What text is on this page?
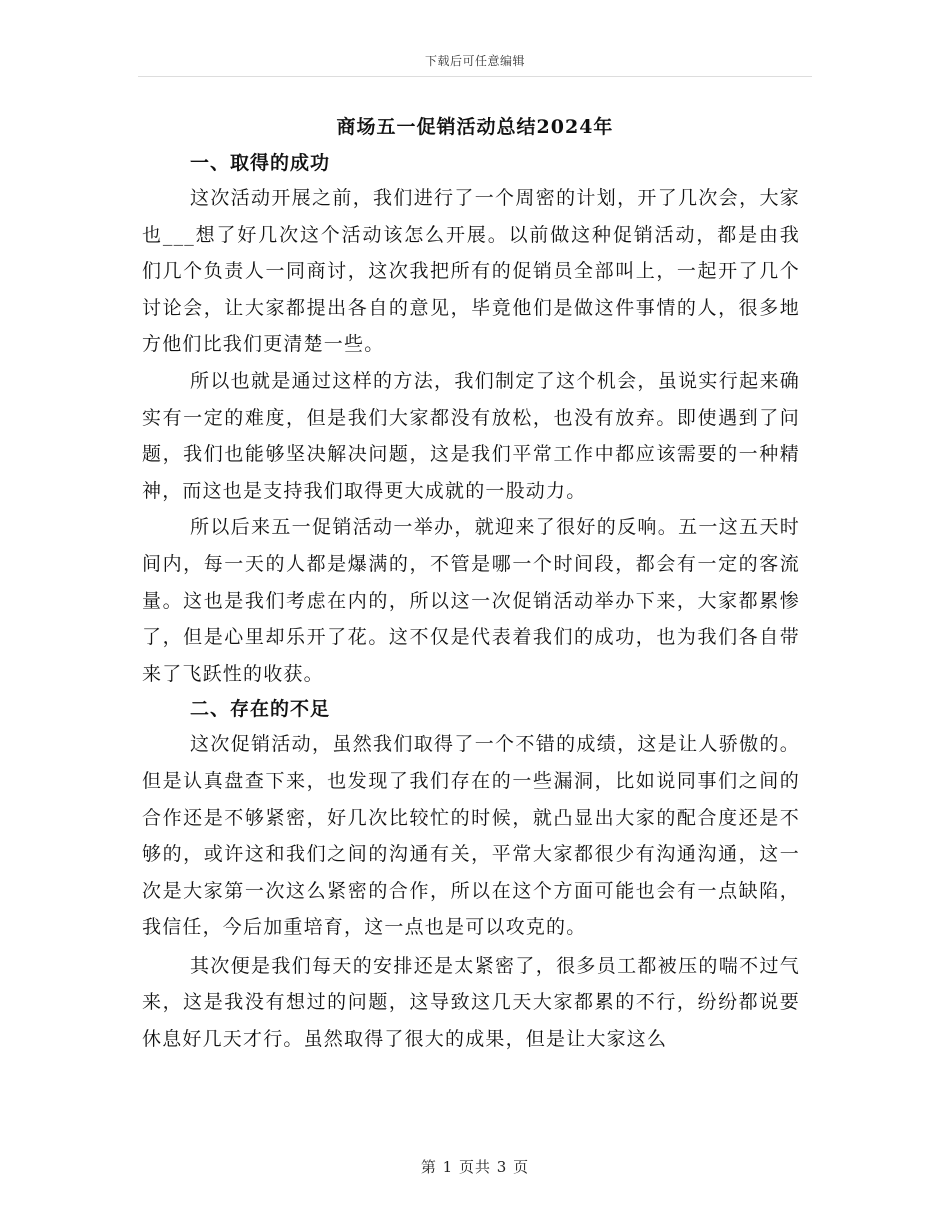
下载后可任意编辑
商场五一促销活动总结2024年
一、取得的成功

这次活动开展之前，我们进行了一个周密的计划，开了几次会，大家也___想了好几次这个活动该怎么开展。以前做这种促销活动，都是由我们几个负责人一同商讨，这次我把所有的促销员全部叫上，一起开了几个讨论会，让大家都提出各自的意见，毕竟他们是做这件事情的人，很多地方他们比我们更清楚一些。

所以也就是通过这样的方法，我们制定了这个机会，虽说实行起来确实有一定的难度，但是我们大家都没有放松，也没有放弃。即使遇到了问题，我们也能够坚决解决问题，这是我们平常工作中都应该需要的一种精神，而这也是支持我们取得更大成就的一股动力。

所以后来五一促销活动一举办，就迎来了很好的反响。五一这五天时间内，每一天的人都是爆满的，不管是哪一个时间段，都会有一定的客流量。这也是我们考虑在内的，所以这一次促销活动举办下来，大家都累惨了，但是心里却乐开了花。这不仅是代表着我们的成功，也为我们各自带来了飞跃性的收获。

二、存在的不足

这次促销活动，虽然我们取得了一个不错的成绩，这是让人骄傲的。但是认真盘查下来，也发现了我们存在的一些漏洞，比如说同事们之间的合作还是不够紧密，好几次比较忙的时候，就凸显出大家的配合度还是不够的，或许这和我们之间的沟通有关，平常大家都很少有沟通沟通，这一次是大家第一次这么紧密的合作，所以在这个方面可能也会有一点缺陷，我信任，今后加重培育，这一点也是可以攻克的。

其次便是我们每天的安排还是太紧密了，很多员工都被压的喘不过气来，这是我没有想过的问题，这导致这几天大家都累的不行，纷纷都说要休息好几天才行。虽然取得了很大的成果，但是让大家这么

第 1 页共 3 页
